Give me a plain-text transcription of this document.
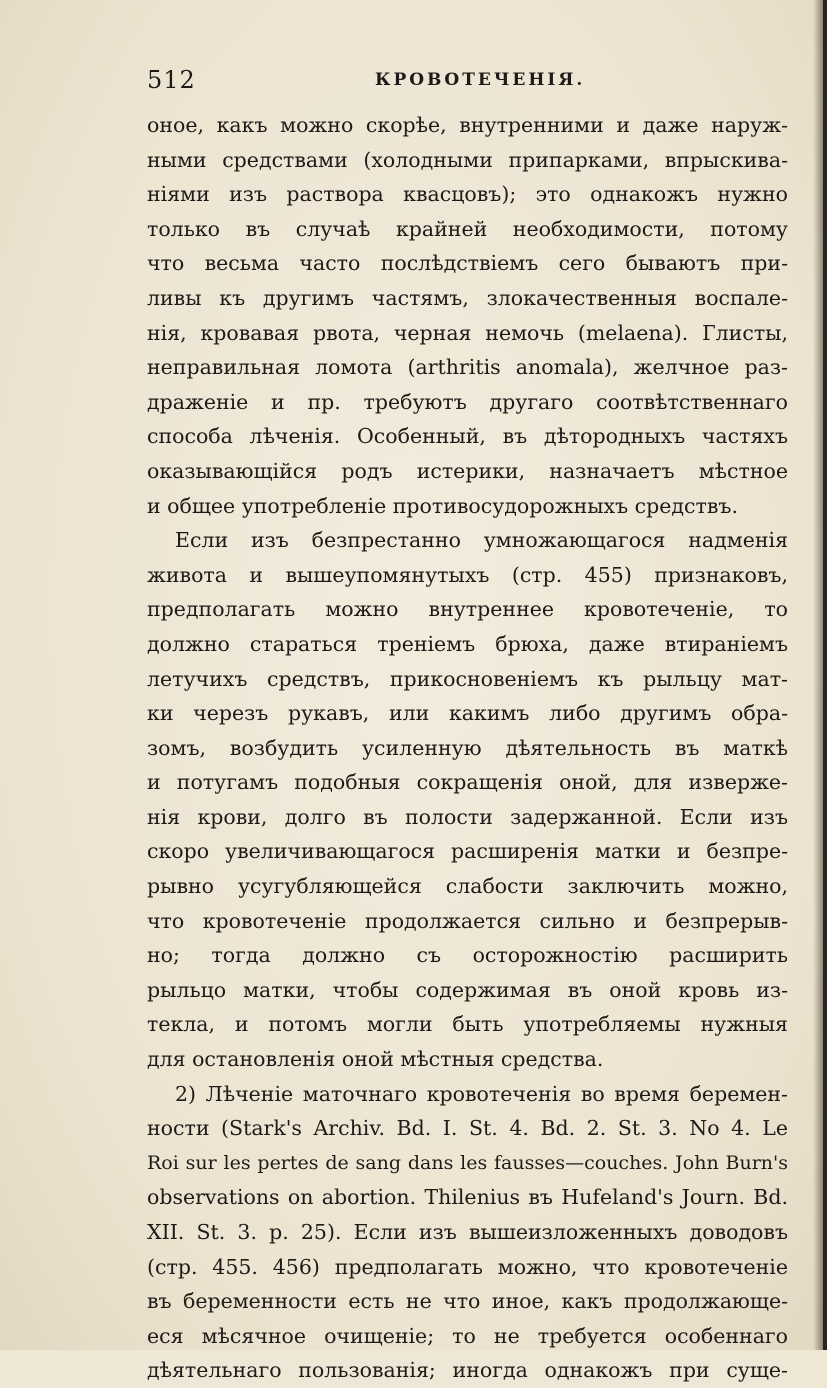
512	КРОВОТЕЧЕНІЯ.
оное, какъ можно скорѣе, внутренними и даже наруж-
ными средствами (холодными припарками, впрыскива-
ніями изъ раствора квасцовъ); это однакожъ нужно
только въ случаѣ крайней необходимости, потому
что весьма часто послѣдствіемъ сего бываютъ при-
ливы къ другимъ частямъ, злокачественныя воспале-
нія, кровавая рвота, черная немочь (melaena). Глисты,
неправильная ломота (arthritis anomala), желчное раз-
драженіе и пр. требуютъ другаго соотвѣтственнаго
способа лѣченія. Особенный, въ дѣтородныхъ частяхъ
оказывающійся родъ истерики, назначаетъ мѣстное
и общее употребленіе противосудорожныхъ средствъ.
Если изъ безпрестанно умножающагося надменія
живота и вышеупомянутыхъ (стр. 455) признаковъ,
предполагать можно внутреннее кровотеченіе, то
должно стараться треніемъ брюха, даже втираніемъ
летучихъ средствъ, прикосновеніемъ къ рыльцу мат-
ки черезъ рукавъ, или какимъ либо другимъ обра-
зомъ, возбудить усиленную дѣятельность въ маткѣ
и потугамъ подобныя сокращенія оной, для изверже-
нія крови, долго въ полости задержанной. Если изъ
скоро увеличивающагося расширенія матки и безпре-
рывно усугубляющейся слабости заключить можно,
что кровотеченіе продолжается сильно и безпрерыв-
но; тогда должно съ осторожностію расширить
рыльцо матки, чтобы содержимая въ оной кровь из-
текла, и потомъ могли быть употребляемы нужныя
для остановленія оной мѣстныя средства.
2) Лѣченіе маточнаго кровотеченія во время беремен-
ности (Stark's Archiv. Bd. I. St. 4. Bd. 2. St. 3. No 4. Le
Roi sur les pertes de sang dans les fausses—couches. John Burn's
observations on abortion. Thilenius въ Hufeland's Journ. Bd.
XII. St. 3. p. 25). Если изъ вышеизложенныхъ доводовъ
(стр. 455. 456) предполагать можно, что кровотеченіе
въ беременности есть не что иное, какъ продолжающе-
еся мѣсячное очищеніе; то не требуется особеннаго
дѣятельнаго пользованія; иногда однакожъ при суще-
